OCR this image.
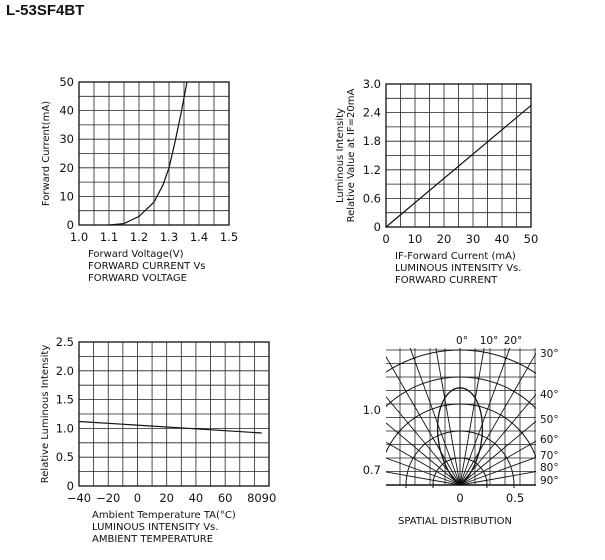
L-53SF4BT
1.0 1.1 1.2 1.3 1.4 1.5
0
10
20
30
40
50
Forward Current(mA)
Forward Voltage(V)
FORWARD CURRENT Vs
FORWARD VOLTAGE
0 10 20 30 40 50
0
0.6
1.2
1.8
2.4
3.0
Luminous Intensity Relative Value at IF=20mA
IF-Forward Current (mA)
LUMINOUS INTENSITY Vs.
FORWARD CURRENT
−40 −20 0 20 40 60 80 90
0
0.5
1.0
1.5
2.0
2.5
Relative Luminous Intensity
Ambient Temperature TA(°C)
LUMINOUS INTENSITY Vs.
AMBIENT TEMPERATURE
0° 10° 20°
30°
40°
50°
60°
70°
80°
90°
1.0
0.7
0	0.5
SPATIAL DISTRIBUTION
